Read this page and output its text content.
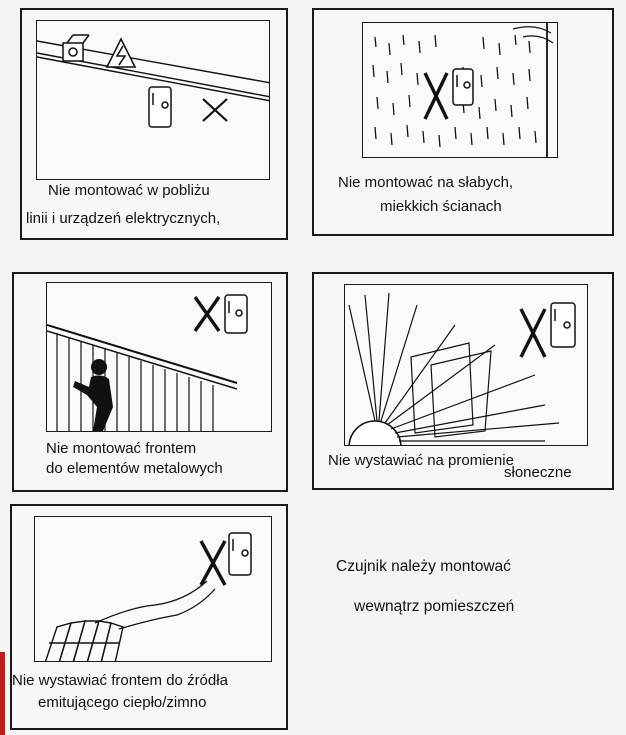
Nie montować w pobliżu
linii i urządzeń elektrycznych,
Nie montować na słabych,
miekkich ścianach
Nie montować frontem
do elementów metalowych	Nie wystawiać na promienie
słoneczne
Nie wystawiać frontem do źródła
emitującego ciepło/zimno
Czujnik należy montować
wewnątrz pomieszczeń
